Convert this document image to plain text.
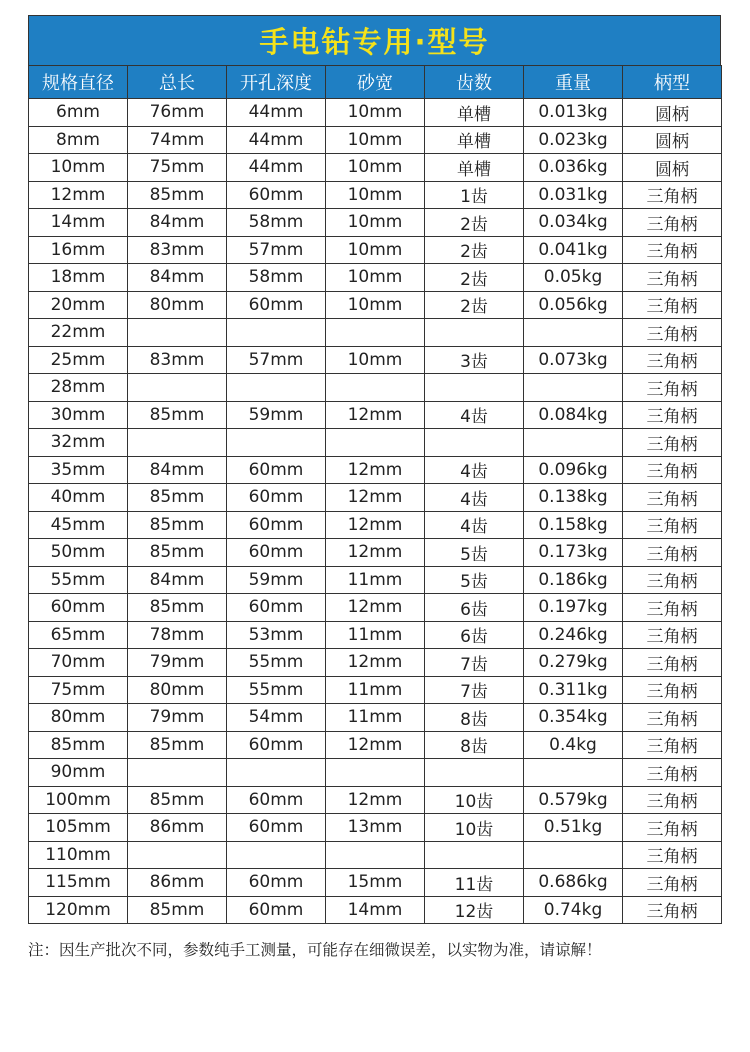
手电钻专用·型号
规格直径	总长	开孔深度	砂宽	齿数	重量	柄型
6mm	76mm	44mm	10mm	单槽	0.013kg	圆柄
8mm	74mm	44mm	10mm	单槽	0.023kg	圆柄
10mm	75mm	44mm	10mm	单槽	0.036kg	圆柄
12mm	85mm	60mm	10mm	1齿	0.031kg	三角柄
14mm	84mm	58mm	10mm	2齿	0.034kg	三角柄
16mm	83mm	57mm	10mm	2齿	0.041kg	三角柄
18mm	84mm	58mm	10mm	2齿	0.05kg	三角柄
20mm	80mm	60mm	10mm	2齿	0.056kg	三角柄
22mm						三角柄
25mm	83mm	57mm	10mm	3齿	0.073kg	三角柄
28mm						三角柄
30mm	85mm	59mm	12mm	4齿	0.084kg	三角柄
32mm						三角柄
35mm	84mm	60mm	12mm	4齿	0.096kg	三角柄
40mm	85mm	60mm	12mm	4齿	0.138kg	三角柄
45mm	85mm	60mm	12mm	4齿	0.158kg	三角柄
50mm	85mm	60mm	12mm	5齿	0.173kg	三角柄
55mm	84mm	59mm	11mm	5齿	0.186kg	三角柄
60mm	85mm	60mm	12mm	6齿	0.197kg	三角柄
65mm	78mm	53mm	11mm	6齿	0.246kg	三角柄
70mm	79mm	55mm	12mm	7齿	0.279kg	三角柄
75mm	80mm	55mm	11mm	7齿	0.311kg	三角柄
80mm	79mm	54mm	11mm	8齿	0.354kg	三角柄
85mm	85mm	60mm	12mm	8齿	0.4kg	三角柄
90mm						三角柄
100mm	85mm	60mm	12mm	10齿	0.579kg	三角柄
105mm	86mm	60mm	13mm	10齿	0.51kg	三角柄
110mm						三角柄
115mm	86mm	60mm	15mm	11齿	0.686kg	三角柄
120mm	85mm	60mm	14mm	12齿	0.74kg	三角柄
注：因生产批次不同，参数纯手工测量，可能存在细微误差，以实物为准，请谅解！
